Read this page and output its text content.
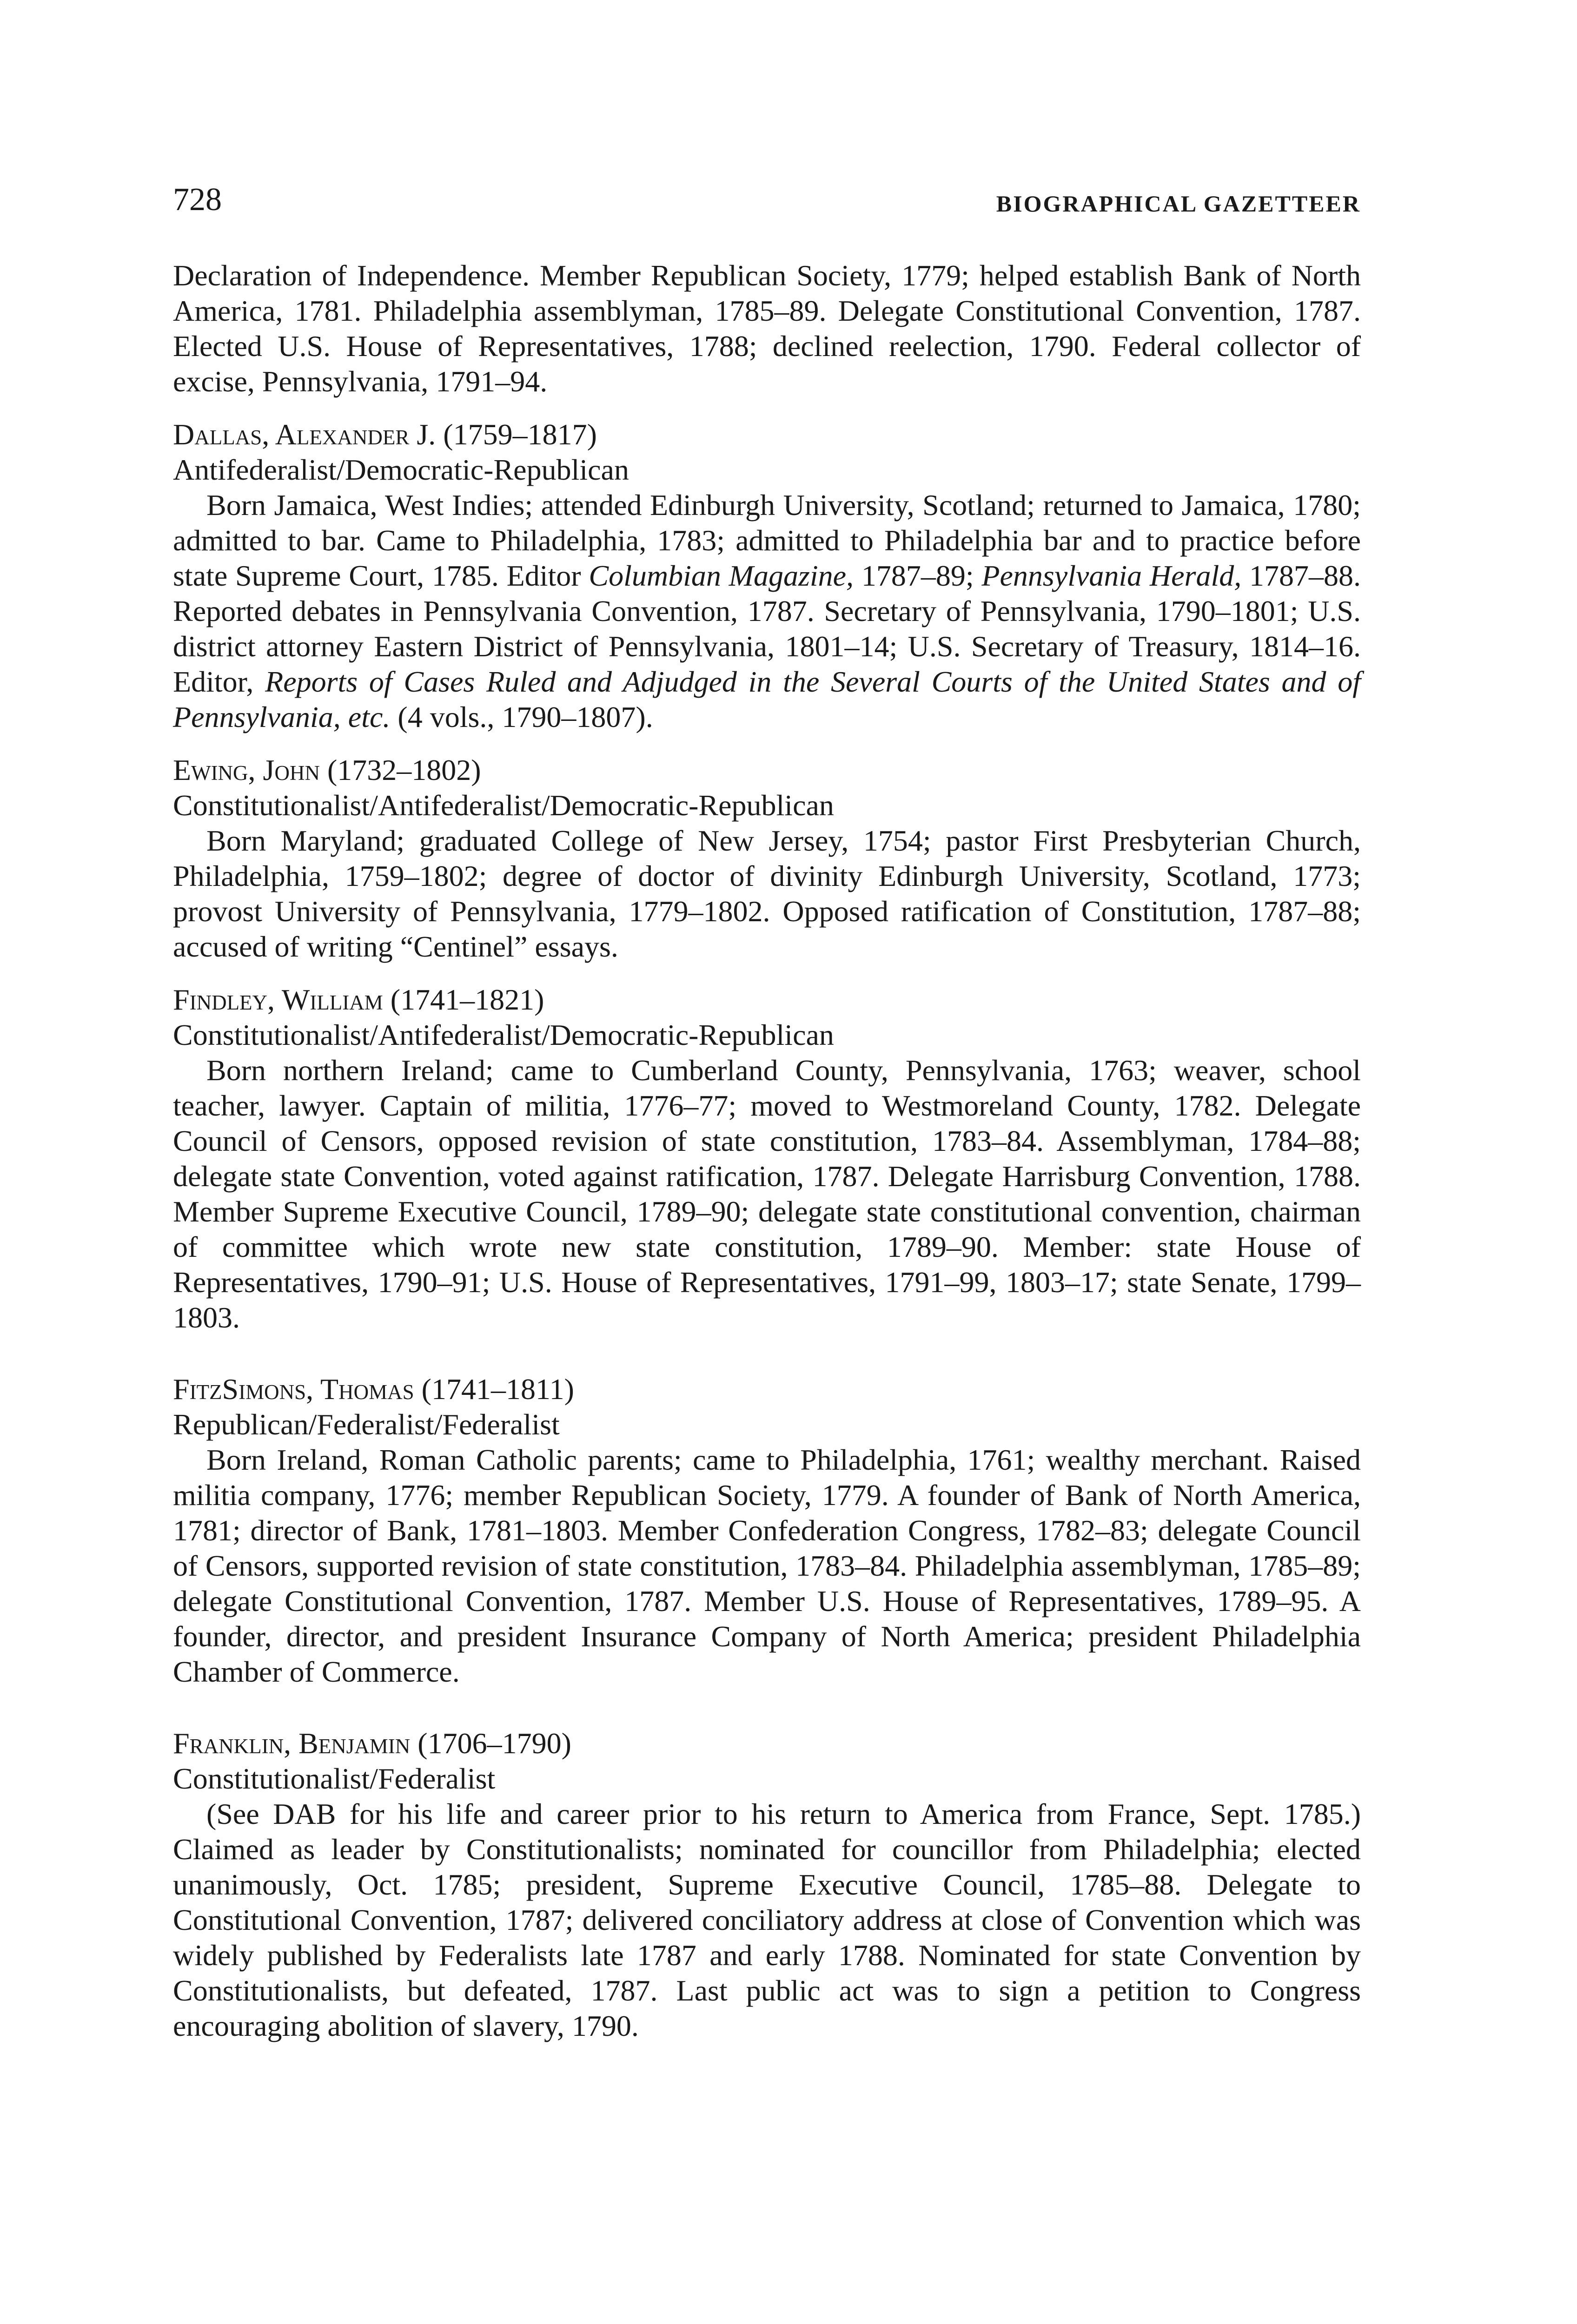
728	BIOGRAPHICAL GAZETTEER

Declaration of Independence. Member Republican Society, 1779; helped establish Bank of North America, 1781. Philadelphia assemblyman, 1785–89. Delegate Constitutional Convention, 1787. Elected U.S. House of Representatives, 1788; declined reelection, 1790. Federal collector of excise, Pennsylvania, 1791–94.

Dallas, Alexander J. (1759–1817)

Antifederalist/Democratic-Republican

Born Jamaica, West Indies; attended Edinburgh University, Scotland; returned to Jamaica, 1780; admitted to bar. Came to Philadelphia, 1783; admitted to Philadelphia bar and to practice before state Supreme Court, 1785. Editor Columbian Magazine, 1787–89; Pennsylvania Herald, 1787–88. Reported debates in Pennsylvania Convention, 1787. Secretary of Pennsylvania, 1790–1801; U.S. district attorney Eastern District of Pennsylvania, 1801–14; U.S. Secretary of Treasury, 1814–16. Editor, Reports of Cases Ruled and Adjudged in the Several Courts of the United States and of Pennsylvania, etc. (4 vols., 1790–1807).

Ewing, John (1732–1802)

Constitutionalist/Antifederalist/Democratic-Republican

Born Maryland; graduated College of New Jersey, 1754; pastor First Presbyterian Church, Philadelphia, 1759–1802; degree of doctor of divinity Edinburgh University, Scotland, 1773; provost University of Pennsylvania, 1779–1802. Opposed ratification of Constitution, 1787–88; accused of writing “Centinel” essays.

Findley, William (1741–1821)

Constitutionalist/Antifederalist/Democratic-Republican

Born northern Ireland; came to Cumberland County, Pennsylvania, 1763; weaver, school teacher, lawyer. Captain of militia, 1776–77; moved to Westmoreland County, 1782. Delegate Council of Censors, opposed revision of state constitution, 1783–84. Assemblyman, 1784–88; delegate state Convention, voted against ratification, 1787. Delegate Harrisburg Convention, 1788. Member Supreme Executive Council, 1789–90; delegate state constitutional convention, chairman of committee which wrote new state constitution, 1789–90. Member: state House of Representatives, 1790–91; U.S. House of Representatives, 1791–99, 1803–17; state Senate, 1799–1803.

FitzSimons, Thomas (1741–1811)

Republican/Federalist/Federalist

Born Ireland, Roman Catholic parents; came to Philadelphia, 1761; wealthy merchant. Raised militia company, 1776; member Republican Society, 1779. A founder of Bank of North America, 1781; director of Bank, 1781–1803. Member Confederation Congress, 1782–83; delegate Council of Censors, supported revision of state constitution, 1783–84. Philadelphia assemblyman, 1785–89; delegate Constitutional Convention, 1787. Member U.S. House of Representatives, 1789–95. A founder, director, and president Insurance Company of North America; president Philadelphia Chamber of Commerce.

Franklin, Benjamin (1706–1790)

Constitutionalist/Federalist

(See DAB for his life and career prior to his return to America from France, Sept. 1785.) Claimed as leader by Constitutionalists; nominated for councillor from Philadelphia; elected unanimously, Oct. 1785; president, Supreme Executive Council, 1785–88. Delegate to Constitutional Convention, 1787; delivered conciliatory address at close of Convention which was widely published by Federalists late 1787 and early 1788. Nominated for state Convention by Constitutionalists, but defeated, 1787. Last public act was to sign a petition to Congress encouraging abolition of slavery, 1790.
